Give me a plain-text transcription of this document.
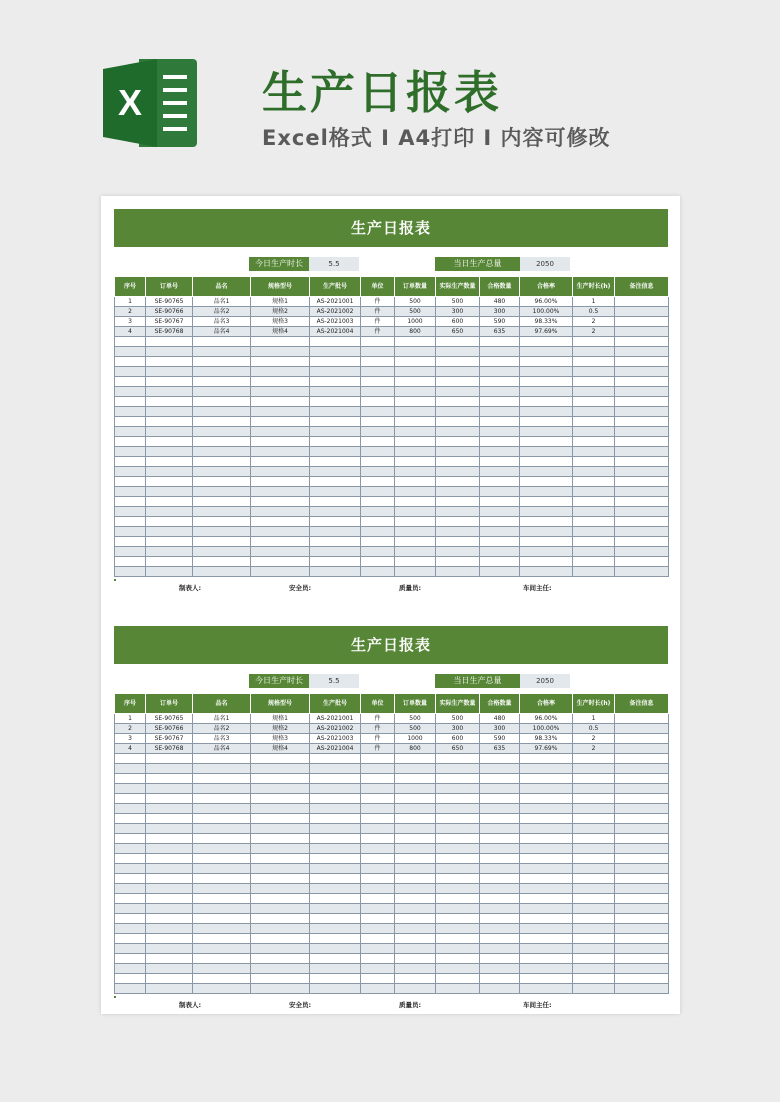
X	生产日报表
Excel格式 I A4打印 I 内容可修改
生产日报表
今日生产时长	5.5	当日生产总量	2050
序号	订单号	品名	规格型号	生产批号	单位	订单数量	实际生产数量	合格数量	合格率	生产时长(h)	备注信息
1	SE-90765	品名1	规格1	AS-2021001	件	500	500	480	96.00%	1	
2	SE-90766	品名2	规格2	AS-2021002	件	500	300	300	100.00%	0.5	
3	SE-90767	品名3	规格3	AS-2021003	件	1000	600	590	98.33%	2	
4	SE-90768	品名4	规格4	AS-2021004	件	800	650	635	97.69%	2	

制表人:	安全员:	质量员:	车间主任:
生产日报表
今日生产时长	5.5	当日生产总量	2050
序号	订单号	品名	规格型号	生产批号	单位	订单数量	实际生产数量	合格数量	合格率	生产时长(h)	备注信息
1	SE-90765	品名1	规格1	AS-2021001	件	500	500	480	96.00%	1	
2	SE-90766	品名2	规格2	AS-2021002	件	500	300	300	100.00%	0.5	
3	SE-90767	品名3	规格3	AS-2021003	件	1000	600	590	98.33%	2	
4	SE-90768	品名4	规格4	AS-2021004	件	800	650	635	97.69%	2	

制表人:	安全员:	质量员:	车间主任:
